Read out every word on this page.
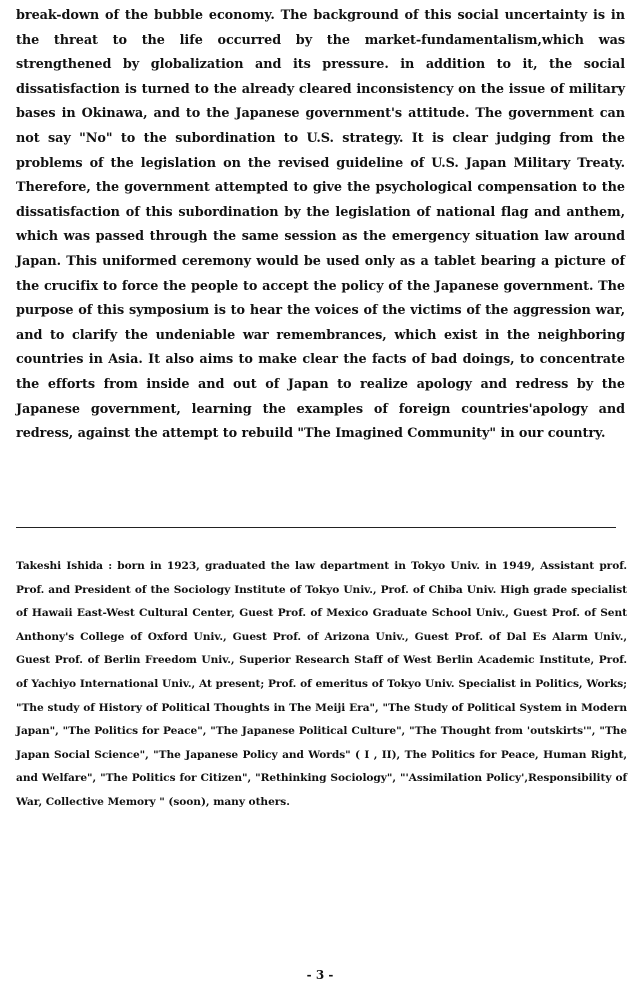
break-down of the bubble economy. The background of this social uncertainty is in the threat to the life occurred by the market-fundamentalism,which was strengthened by globalization and its pressure. in addition to it, the social dissatisfaction is turned to the already cleared inconsistency on the issue of military bases in Okinawa, and to the Japanese government's attitude. The government can not say "No" to the subordination to U.S. strategy. It is clear judging from the problems of the legislation on the revised guideline of U.S. Japan Military Treaty. Therefore, the government attempted to give the psychological compensation to the dissatisfaction of this subordination by the legislation of national flag and anthem, which was passed through the same session as the emergency situation law around Japan. This uniformed ceremony would be used only as a tablet bearing a picture of the crucifix to force the people to accept the policy of the Japanese government. The purpose of this symposium is to hear the voices of the victims of the aggression war, and to clarify the undeniable war remembrances, which exist in the neighboring countries in Asia. It also aims to make clear the facts of bad doings, to concentrate the efforts from inside and out of Japan to realize apology and redress by the Japanese government, learning the examples of foreign countries'apology and redress, against the attempt to rebuild "The Imagined Community" in our country.

Takeshi Ishida : born in 1923, graduated the law department in Tokyo Univ. in 1949, Assistant prof. Prof. and President of the Sociology Institute of Tokyo Univ., Prof. of Chiba Univ. High grade specialist of Hawaii East-West Cultural Center, Guest Prof. of Mexico Graduate School Univ., Guest Prof. of Sent Anthony's College of Oxford Univ., Guest Prof. of Arizona Univ., Guest Prof. of Dal Es Alarm Univ., Guest Prof. of Berlin Freedom Univ., Superior Research Staff of West Berlin Academic Institute, Prof. of Yachiyo International Univ., At present; Prof. of emeritus of Tokyo Univ. Specialist in Politics, Works; "The study of History of Political Thoughts in The Meiji Era", "The Study of Political System in Modern Japan", "The Politics for Peace", "The Japanese Political Culture", "The Thought from 'outskirts'", "The Japan Social Science", "The Japanese Policy and Words" ( I , II), The Politics for Peace, Human Right, and Welfare", "The Politics for Citizen", "Rethinking Sociology", "'Assimilation Policy',Responsibility of War, Collective Memory " (soon), many others.

- 3 -
